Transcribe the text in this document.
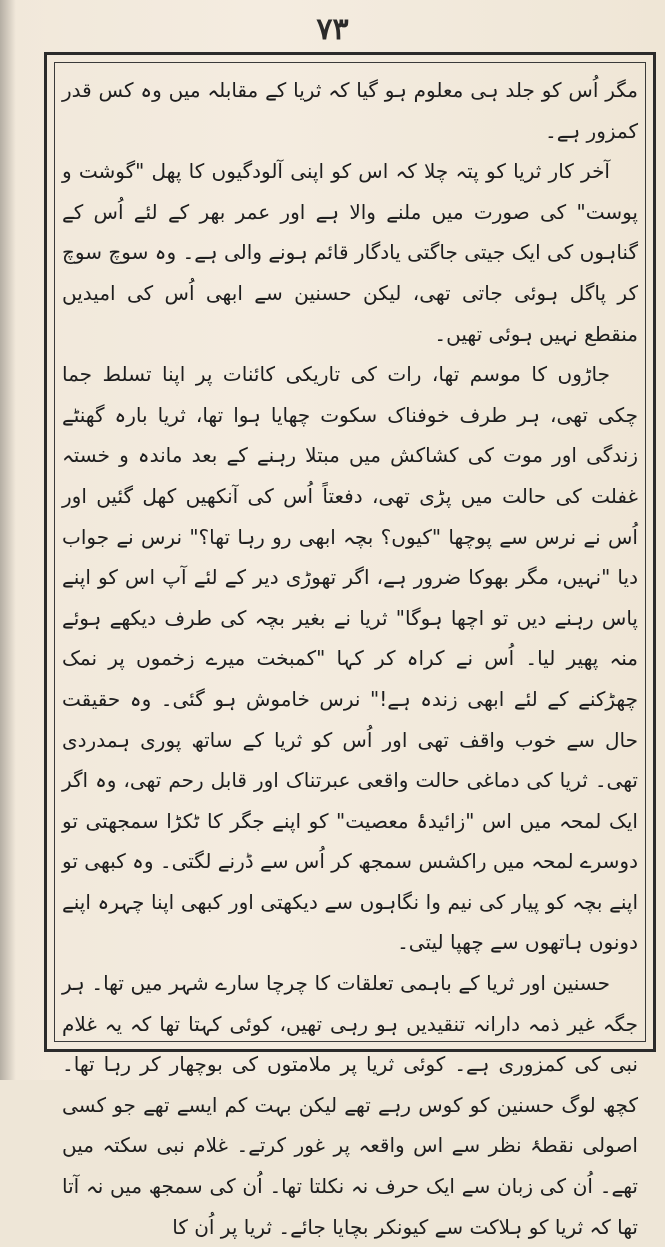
٧٣

مگر اُس کو جلد ہی معلوم ہو گیا کہ ثریا کے مقابلہ میں وہ کس قدر کمزور ہے۔

آخر کار ثریا کو پتہ چلا کہ اس کو اپنی آلودگیوں کا پھل "گوشت و پوست" کی صورت میں ملنے والا ہے اور عمر بھر کے لئے اُس کے گناہوں کی ایک جیتی جاگتی یادگار قائم ہونے والی ہے۔ وہ سوچ سوچ کر پاگل ہوئی جاتی تھی، لیکن حسنین سے ابھی اُس کی امیدیں منقطع نہیں ہوئی تھیں۔

جاڑوں کا موسم تھا، رات کی تاریکی کائنات پر اپنا تسلط جما چکی تھی، ہر طرف خوفناک سکوت چھایا ہوا تھا، ثریا بارہ گھنٹے زندگی اور موت کی کشاکش میں مبتلا رہنے کے بعد ماندہ و خستہ غفلت کی حالت میں پڑی تھی، دفعتاً اُس کی آنکھیں کھل گئیں اور اُس نے نرس سے پوچھا "کیوں؟ بچہ ابھی رو رہا تھا؟" نرس نے جواب دیا "نہیں، مگر بھوکا ضرور ہے، اگر تھوڑی دیر کے لئے آپ اس کو اپنے پاس رہنے دیں تو اچھا ہوگا" ثریا نے بغیر بچہ کی طرف دیکھے ہوئے منہ پھیر لیا۔ اُس نے کراہ کر کہا "کمبخت میرے زخموں پر نمک چھڑکنے کے لئے ابھی زندہ ہے!" نرس خاموش ہو گئی۔ وہ حقیقت حال سے خوب واقف تھی اور اُس کو ثریا کے ساتھ پوری ہمدردی تھی۔ ثریا کی دماغی حالت واقعی عبرتناک اور قابل رحم تھی، وہ اگر ایک لمحہ میں اس "زائیدۂ معصیت" کو اپنے جگر کا ٹکڑا سمجھتی تو دوسرے لمحہ میں راکشس سمجھ کر اُس سے ڈرنے لگتی۔ وہ کبھی تو اپنے بچہ کو پیار کی نیم وا نگاہوں سے دیکھتی اور کبھی اپنا چہرہ اپنے دونوں ہاتھوں سے چھپا لیتی۔

حسنین اور ثریا کے باہمی تعلقات کا چرچا سارے شہر میں تھا۔ ہر جگہ غیر ذمہ دارانہ تنقیدیں ہو رہی تھیں، کوئی کہتا تھا کہ یہ غلام نبی کی کمزوری ہے۔ کوئی ثریا پر ملامتوں کی بوچھار کر رہا تھا۔ کچھ لوگ حسنین کو کوس رہے تھے لیکن بہت کم ایسے تھے جو کسی اصولی نقطۂ نظر سے اس واقعہ پر غور کرتے۔ غلام نبی سکتہ میں تھے۔ اُن کی زبان سے ایک حرف نہ نکلتا تھا۔ اُن کی سمجھ میں نہ آتا تھا کہ ثریا کو ہلاکت سے کیونکر بچایا جائے۔ ثریا پر اُن کا
